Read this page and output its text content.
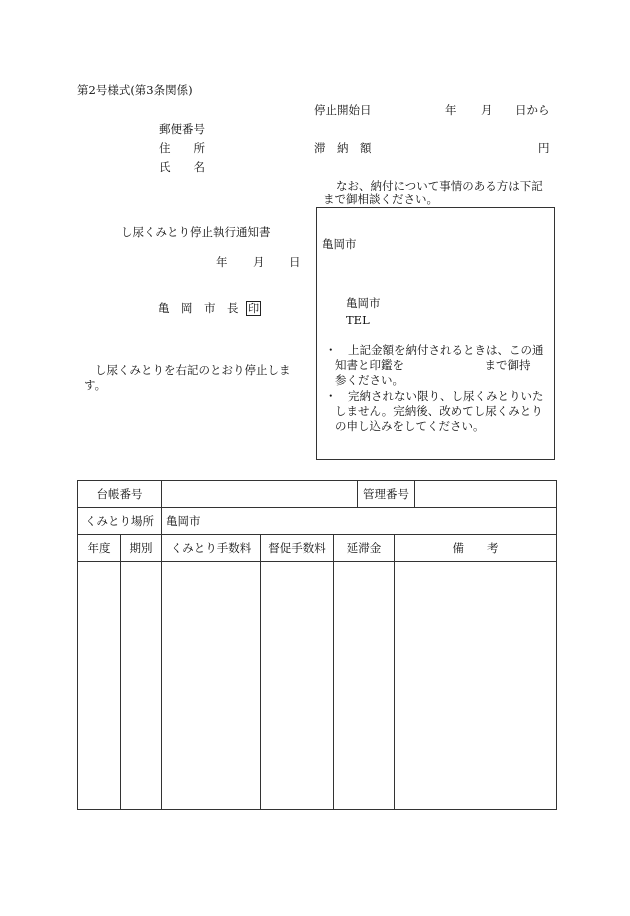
第2号様式(第3条関係)
停止開始日	年 月 日から
郵便番号
住　　所	滞　納　額	円
氏　　名
なお、納付について事情のある方は下記
まで御相談ください。
し尿くみとり停止執行通知書
年 月 日
亀　岡　市　長 印
し尿くみとりを右記のとおり停止しま
す。
亀岡市
亀岡市
TEL
・　上記金額を納付されるときは、この通
知書と印鑑を　　　　　　　まで御持
参ください。
・　完納されない限り、し尿くみとりいた
しません。完納後、改めてし尿くみとり
の申し込みをしてください。
台帳番号					管理番号		
くみとり場所		亀岡市					
年度	期別	くみとり手数料	督促手数料	延滞金		備　　考	
